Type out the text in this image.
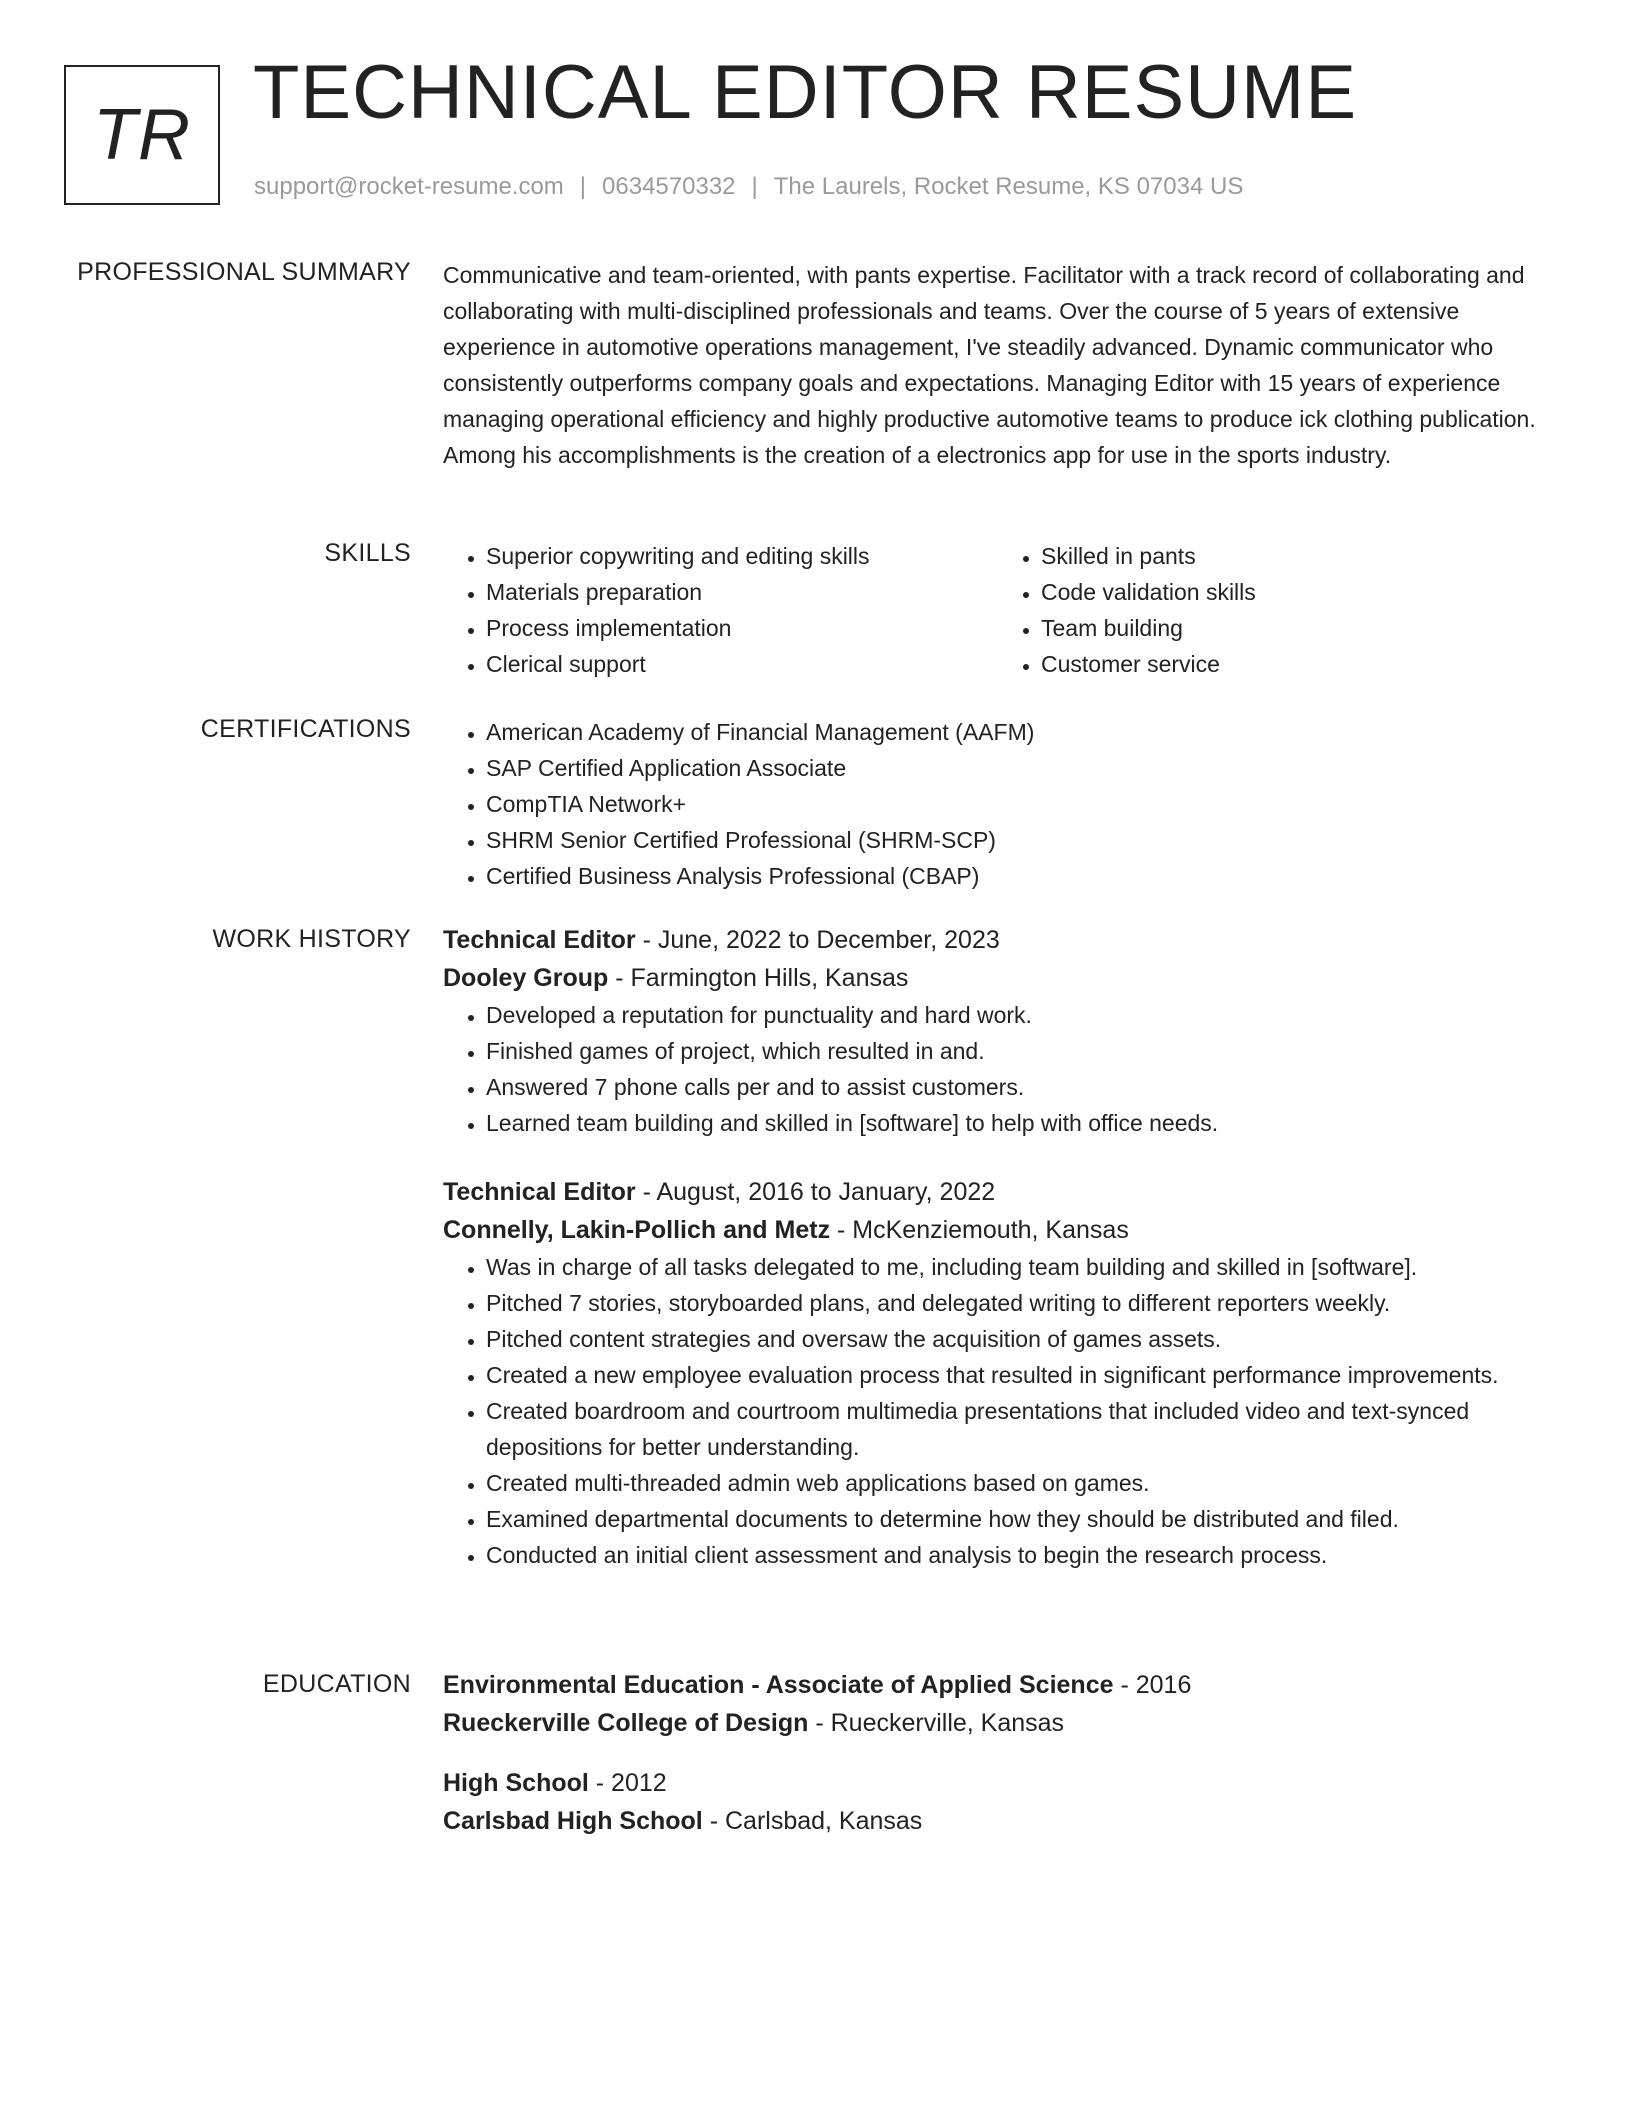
TR TECHNICAL EDITOR RESUME
support@rocket-resume.com | 0634570332 | The Laurels, Rocket Resume, KS 07034 US
PROFESSIONAL SUMMARY Communicative and team-oriented, with pants expertise. Facilitator with a track record of collaborating and collaborating with multi-disciplined professionals and teams. Over the course of 5 years of extensive experience in automotive operations management, I've steadily advanced. Dynamic communicator who consistently outperforms company goals and expectations. Managing Editor with 15 years of experience managing operational efficiency and highly productive automotive teams to produce ick clothing publication. Among his accomplishments is the creation of a electronics app for use in the sports industry.
SKILLS	• Superior copywriting and editing skills
• Materials preparation
• Process implementation
• Clerical support
• Skilled in pants
• Code validation skills
• Team building
• Customer service
CERTIFICATIONS	• American Academy of Financial Management (AAFM)
• SAP Certified Application Associate
• CompTIA Network+
• SHRM Senior Certified Professional (SHRM-SCP)
• Certified Business Analysis Professional (CBAP)
WORK HISTORY Technical Editor - June, 2022 to December, 2023
Dooley Group - Farmington Hills, Kansas
• Developed a reputation for punctuality and hard work.
• Finished games of project, which resulted in and.
• Answered 7 phone calls per and to assist customers.
• Learned team building and skilled in [software] to help with office needs.
Technical Editor - August, 2016 to January, 2022
Connelly, Lakin-Pollich and Metz - McKenziemouth, Kansas
• Was in charge of all tasks delegated to me, including team building and skilled in [software].
• Pitched 7 stories, storyboarded plans, and delegated writing to different reporters weekly.
• Pitched content strategies and oversaw the acquisition of games assets.
• Created a new employee evaluation process that resulted in significant performance improvements.
• Created boardroom and courtroom multimedia presentations that included video and text-synced depositions for better understanding.
• Created multi-threaded admin web applications based on games.
• Examined departmental documents to determine how they should be distributed and filed.
• Conducted an initial client assessment and analysis to begin the research process.
EDUCATION Environmental Education - Associate of Applied Science - 2016
Rueckerville College of Design - Rueckerville, Kansas
High School - 2012
Carlsbad High School - Carlsbad, Kansas
